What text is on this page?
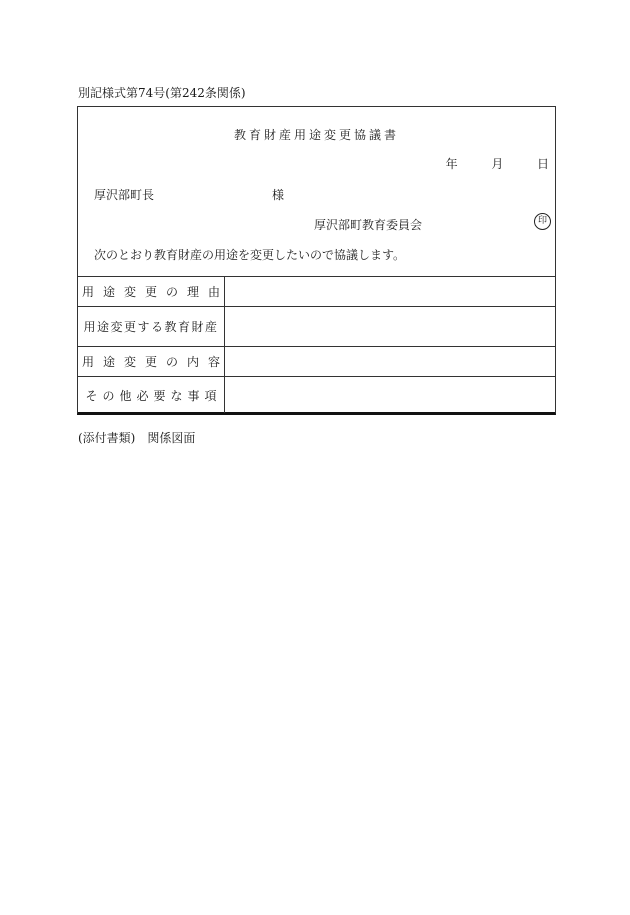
別記様式第74号(第242条関係)
教育財産用途変更協議書
年	月	日
厚沢部町長	様
厚沢部町教育委員会	印
次のとおり教育財産の用途を変更したいので協議します。
用途変更の理由
用途変更する教育財産
用途変更の内容
その他必要な事項
(添付書類)　関係図面
